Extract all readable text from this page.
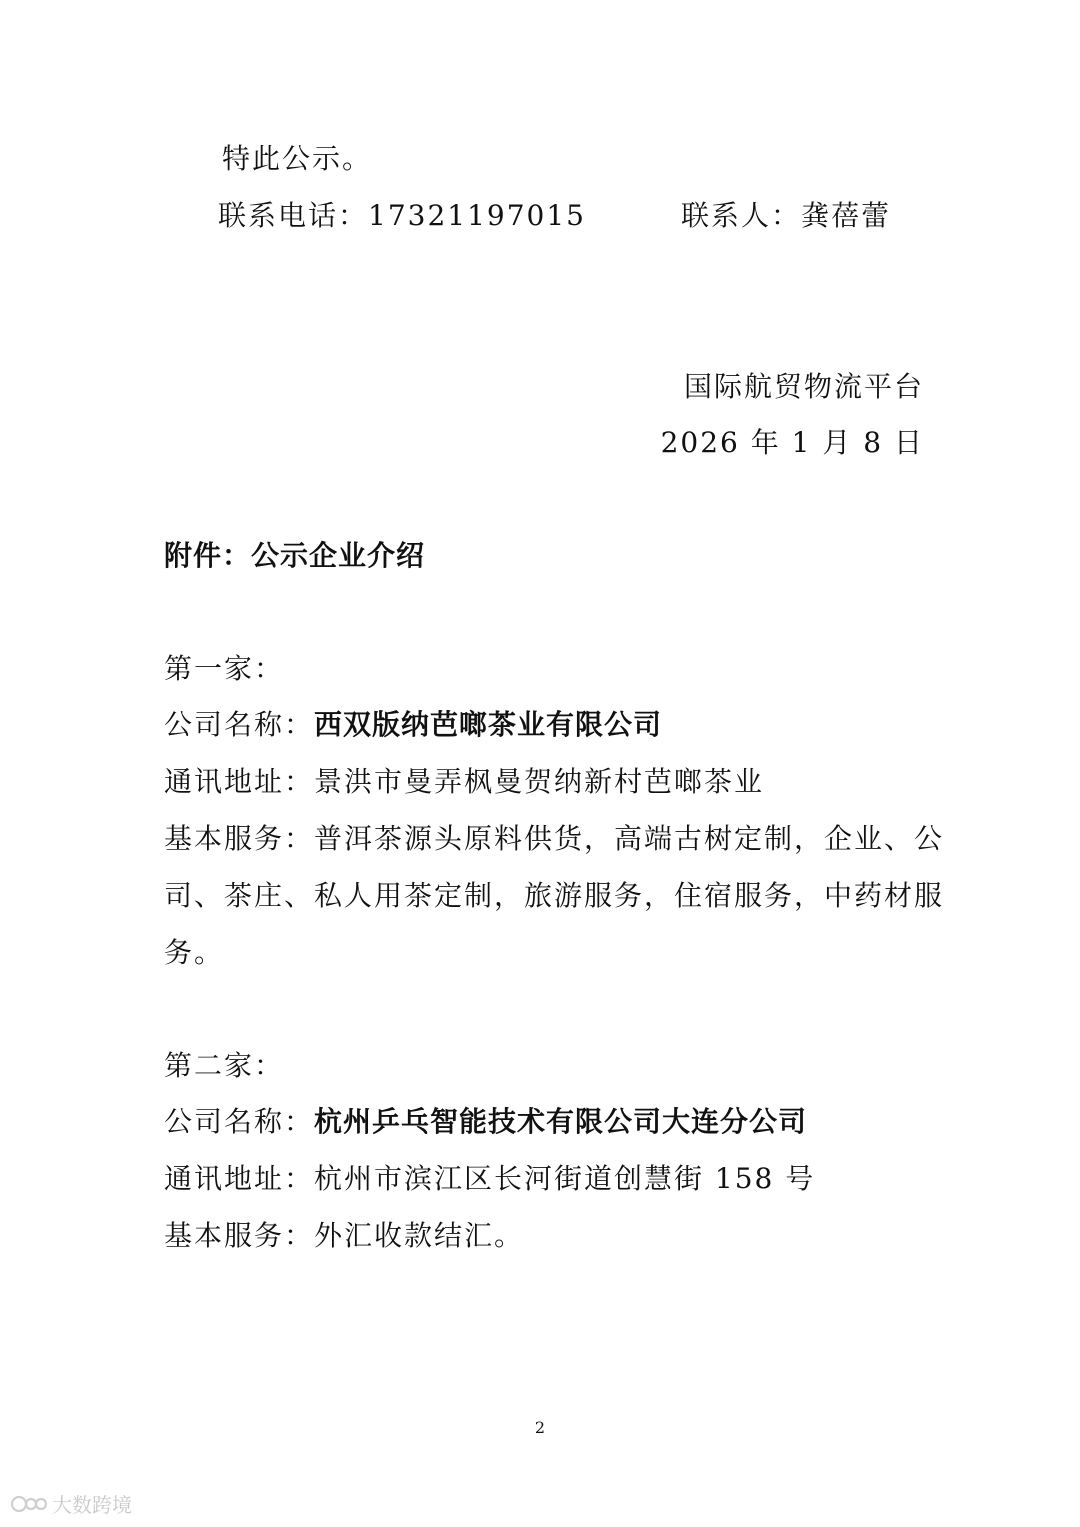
特此公示。
联系电话：17321197015	联系人：龚蓓蕾
国际航贸物流平台
2026 年 1 月 8 日
附件：公示企业介绍
第一家：
公司名称：西双版纳芭啷茶业有限公司
通讯地址：景洪市曼弄枫曼贺纳新村芭啷茶业
基本服务：普洱茶源头原料供货，高端古树定制，企业、公
司、茶庄、私人用茶定制，旅游服务，住宿服务，中药材服
务。
第二家：
公司名称：杭州乒乓智能技术有限公司大连分公司
通讯地址：杭州市滨江区长河街道创慧街 158 号
基本服务：外汇收款结汇。
2
大数跨境
